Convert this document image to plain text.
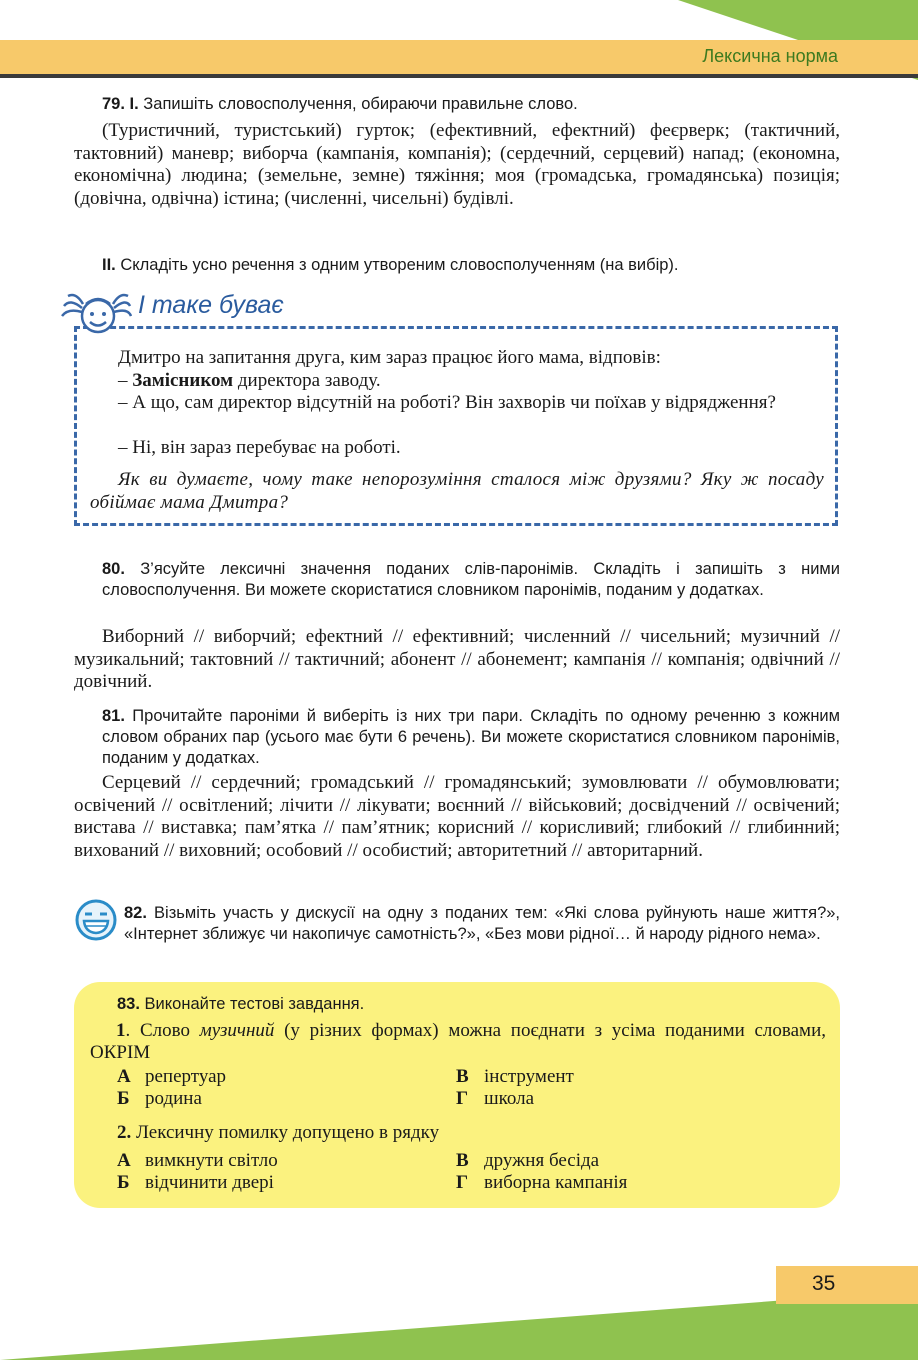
Лексична норма
79. І. Запишіть словосполучення, обираючи правильне слово.
(Туристичний, туристський) гурток; (ефективний, ефектний) феєрверк; (тактичний, тактовний) маневр; виборча (кампанія, компанія); (сердечний, серцевий) напад; (економна, економічна) людина; (земельне, земне) тяжіння; моя (громадська, громадянська) позиція; (довічна, одвічна) істина; (численні, чисельні) будівлі.
ІІ. Складіть усно речення з одним утвореним словосполученням (на вибір).
І таке буває
Дмитро на запитання друга, ким зараз працює його мама, відповів:
– Замісником директора заводу.
– А що, сам директор відсутній на роботі? Він захворів чи поїхав у відрядження?
– Ні, він зараз перебуває на роботі.
Як ви думаєте, чому таке непорозуміння сталося між друзями? Яку ж посаду обіймає мама Дмитра?
80. З’ясуйте лексичні значення поданих слів-паронімів. Складіть і запишіть з ними словосполучення. Ви можете скористатися словником паронімів, поданим у додатках.
Виборний // виборчий; ефектний // ефективний; численний // чисельний; музичний // музикальний; тактовний // тактичний; абонент // абонемент; кампанія // компанія; одвічний // довічний.
81. Прочитайте пароніми й виберіть із них три пари. Складіть по одному реченню з кожним словом обраних пар (усього має бути 6 речень). Ви можете скористатися словником паронімів, поданим у додатках.
Серцевий // сердечний; громадський // громадянський; зумовлювати // обумовлювати; освічений // освітлений; лічити // лікувати; воєнний // військовий; досвідчений // освічений; вистава // виставка; пам’ятка // пам’ятник; корисний // корисливий; глибокий // глибинний; вихований // виховний; особовий // особистий; авторитетний // авторитарний.
82. Візьміть участь у дискусії на одну з поданих тем: «Які слова руйнують наше життя?», «Інтернет зближує чи накопичує самотність?», «Без мови рідної… й народу рідного нема».
83. Виконайте тестові завдання.
1. Слово музичний (у різних формах) можна поєднати з усіма поданими словами, ОКРІМ
А репертуар
Б родина
В інструмент
Г школа
2. Лексичну помилку допущено в рядку
А вимкнути світло
Б відчинити двері
В дружня бесіда
Г виборна кампанія
35
